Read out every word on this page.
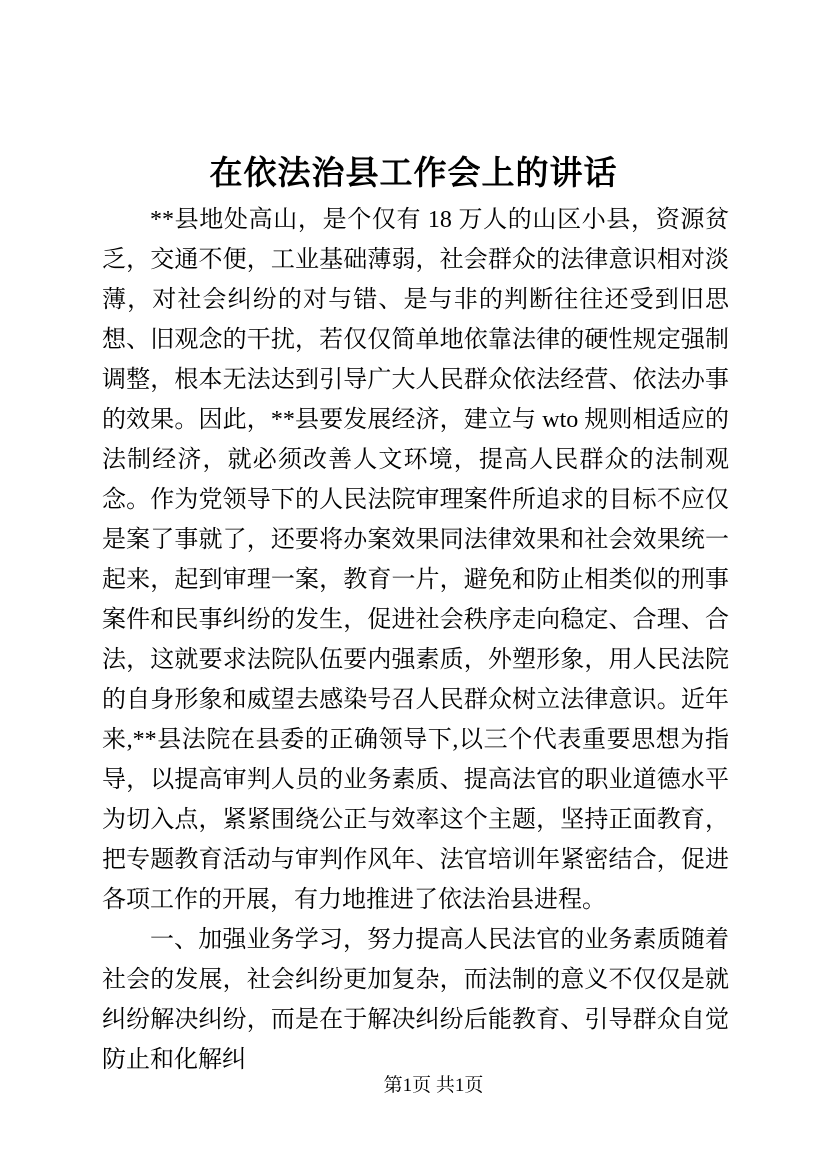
在依法治县工作会上的讲话

**县地处高山，是个仅有 18 万人的山区小县，资源贫乏，交通不便，工业基础薄弱，社会群众的法律意识相对淡薄，对社会纠纷的对与错、是与非的判断往往还受到旧思想、旧观念的干扰，若仅仅简单地依靠法律的硬性规定强制调整，根本无法达到引导广大人民群众依法经营、依法办事的效果。因此，**县要发展经济，建立与 wto 规则相适应的法制经济，就必须改善人文环境，提高人民群众的法制观念。作为党领导下的人民法院审理案件所追求的目标不应仅是案了事就了，还要将办案效果同法律效果和社会效果统一起来，起到审理一案，教育一片，避免和防止相类似的刑事案件和民事纠纷的发生，促进社会秩序走向稳定、合理、合法，这就要求法院队伍要内强素质，外塑形象，用人民法院的自身形象和威望去感染号召人民群众树立法律意识。近年来,**县法院在县委的正确领导下,以三个代表重要思想为指导，以提高审判人员的业务素质、提高法官的职业道德水平为切入点，紧紧围绕公正与效率这个主题，坚持正面教育，把专题教育活动与审判作风年、法官培训年紧密结合，促进各项工作的开展，有力地推进了依法治县进程。

一、加强业务学习，努力提高人民法官的业务素质随着社会的发展，社会纠纷更加复杂，而法制的意义不仅仅是就纠纷解决纠纷，而是在于解决纠纷后能教育、引导群众自觉防止和化解纠

第1页 共1页
